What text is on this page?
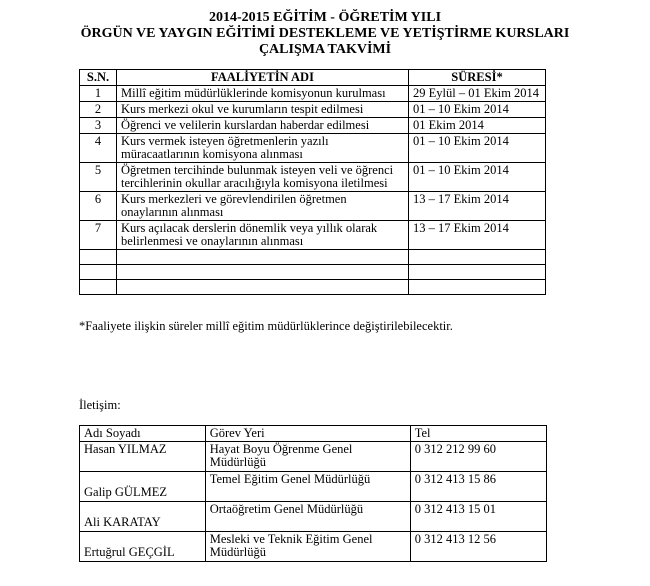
2014-2015 EĞİTİM - ÖĞRETİM YILI
ÖRGÜN VE YAYGIN EĞİTİMİ DESTEKLEME VE YETİŞTİRME KURSLARI
ÇALIŞMA TAKVİMİ
S.N.	FAALİYETİN ADI	SÜRESİ*
1	Millî eğitim müdürlüklerinde komisyonun kurulması	29 Eylül – 01 Ekim 2014
2	Kurs merkezi okul ve kurumların tespit edilmesi	01 – 10 Ekim 2014
3	Öğrenci ve velilerin kurslardan haberdar edilmesi	01 Ekim 2014
4	Kurs vermek isteyen öğretmenlerin yazılı müracaatlarının komisyona alınması	01 – 10 Ekim 2014
5	Öğretmen tercihinde bulunmak isteyen veli ve öğrenci tercihlerinin okullar aracılığıyla komisyona iletilmesi	01 – 10 Ekim 2014
6	Kurs merkezleri ve görevlendirilen öğretmen onaylarının alınması	13 – 17 Ekim 2014
7	Kurs açılacak derslerin dönemlik veya yıllık olarak belirlenmesi ve onaylarının alınması	13 – 17 Ekim 2014

*Faaliyete ilişkin süreler millî eğitim müdürlüklerince değiştirilebilecektir.

İletişim:

Adı Soyadı	Görev Yeri	Tel
Hasan YILMAZ	Hayat Boyu Öğrenme Genel Müdürlüğü	0 312 212 99 60
Galip GÜLMEZ	Temel Eğitim Genel Müdürlüğü	0 312 413 15 86
Ali KARATAY	Ortaöğretim Genel Müdürlüğü	0 312 413 15 01
Ertuğrul GEÇGİL	Mesleki ve Teknik Eğitim Genel Müdürlüğü	0 312 413 12 56
